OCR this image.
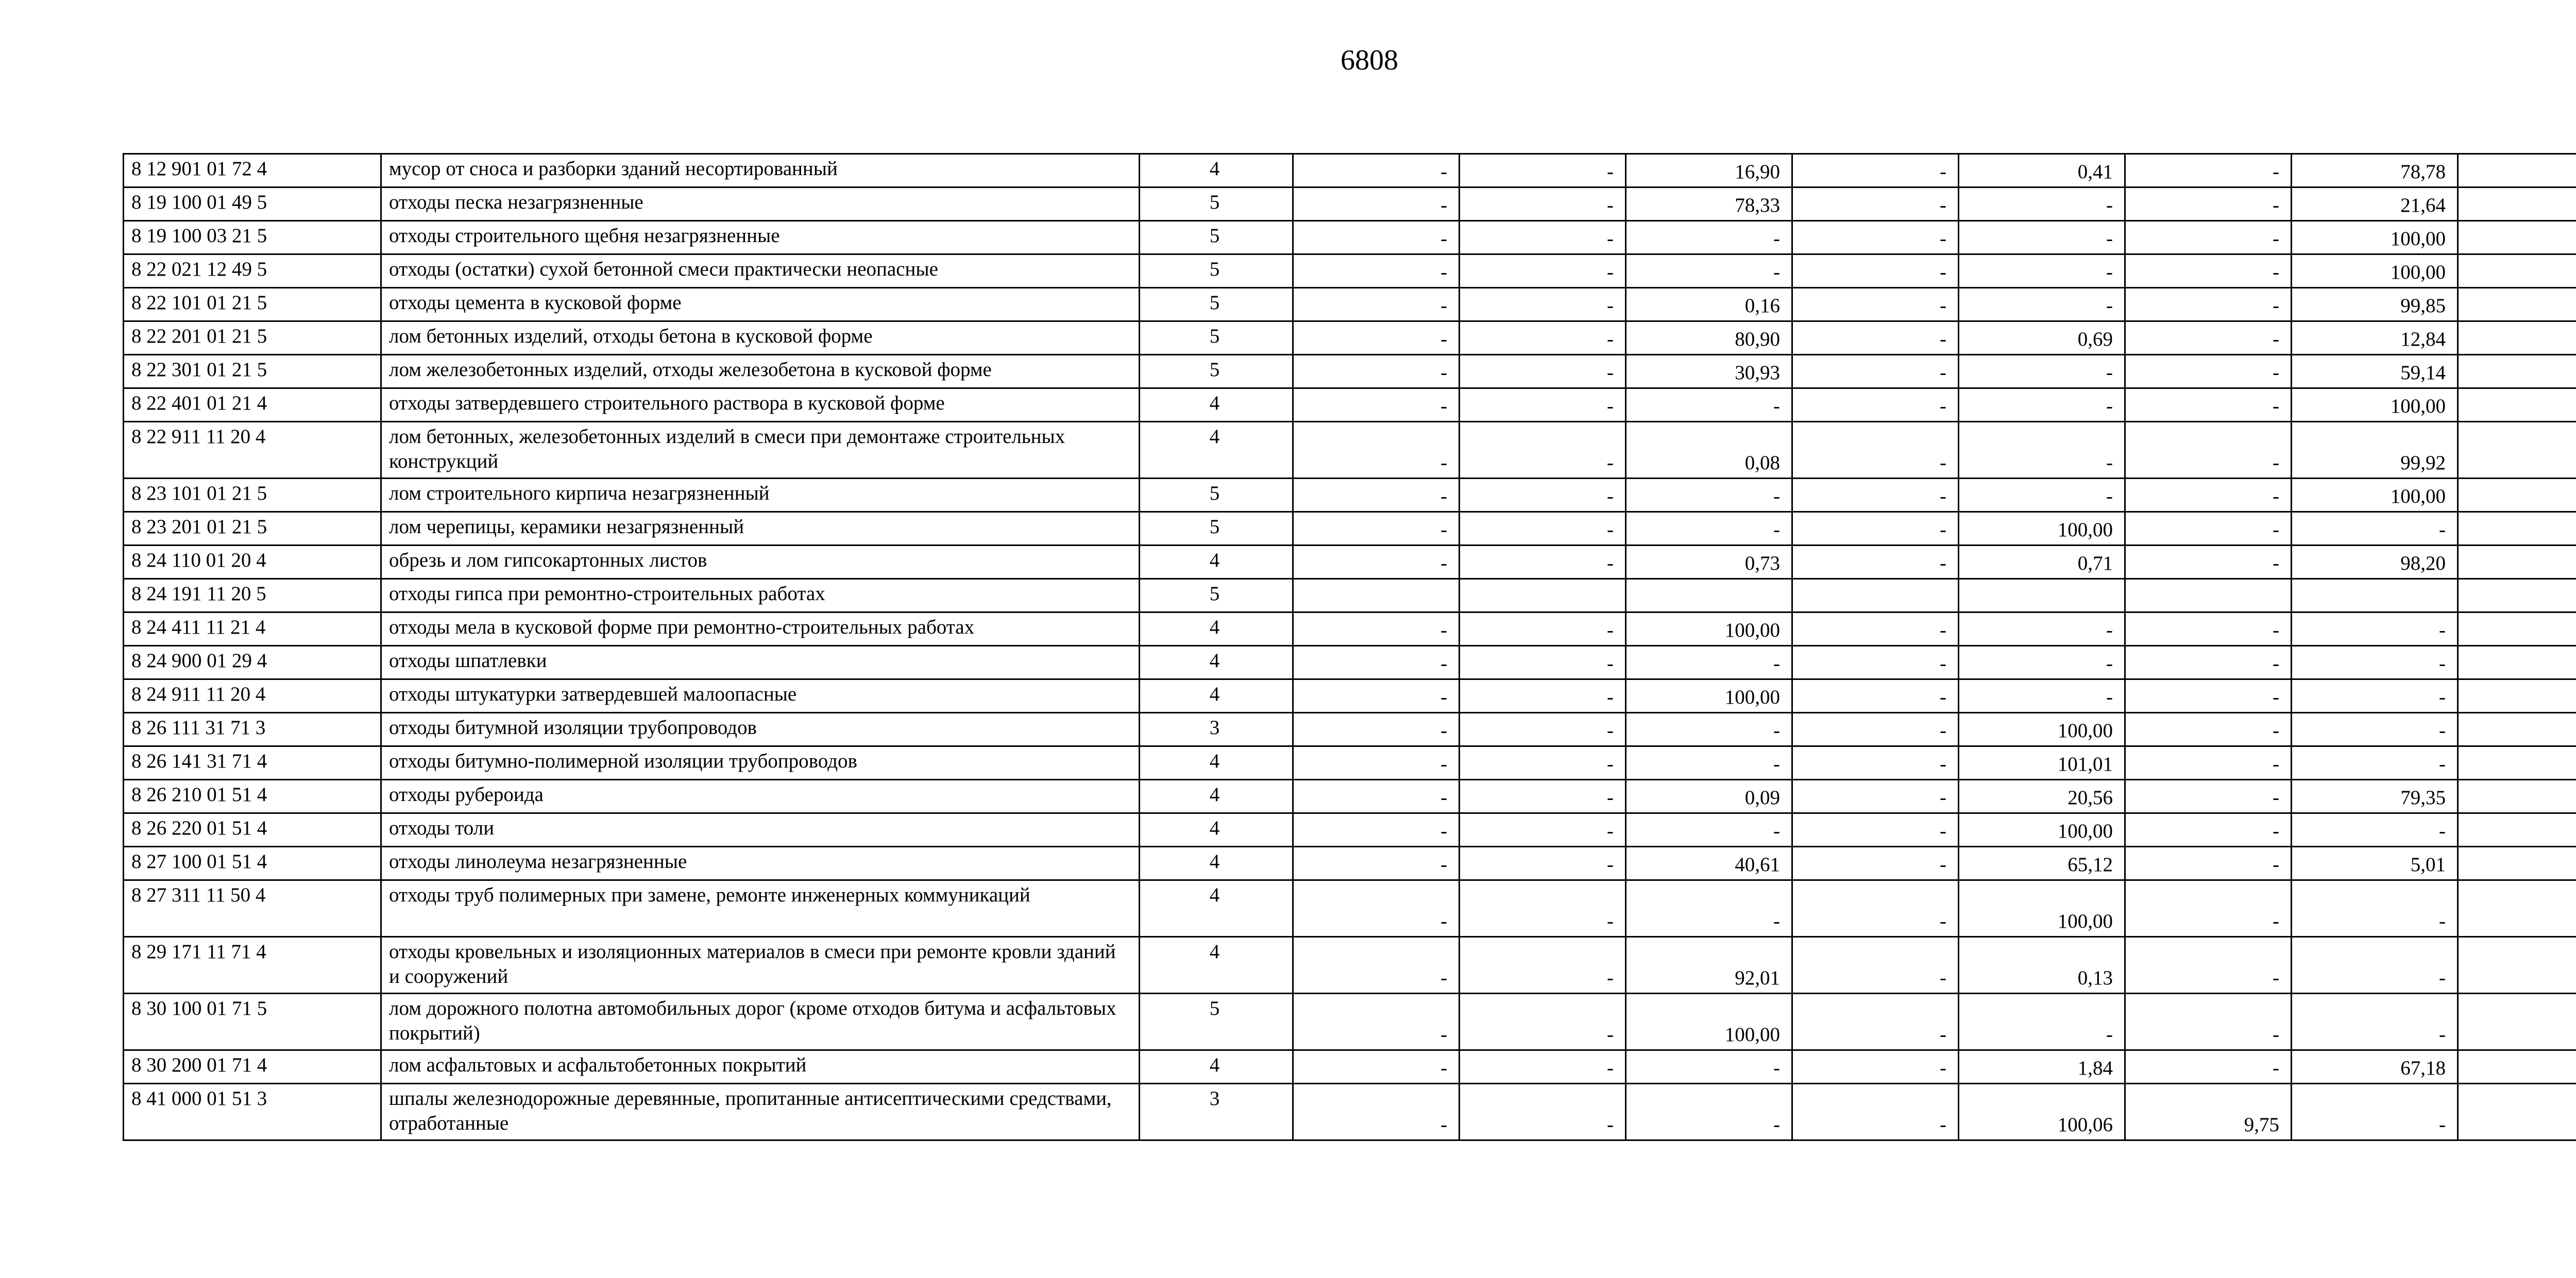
6808
8 12 901 01 72 4	мусор от сноса и разборки зданий несортированный	4	-	-	16,90	-	0,41	-	78,78	
8 19 100 01 49 5	отходы песка незагрязненные	5	-	-	78,33	-	-	-	21,64	
8 19 100 03 21 5	отходы строительного щебня незагрязненные	5	-	-	-	-	-	-	100,00	
8 22 021 12 49 5	отходы (остатки) сухой бетонной смеси практически неопасные	5	-	-	-	-	-	-	100,00	
8 22 101 01 21 5	отходы цемента в кусковой форме	5	-	-	0,16	-	-	-	99,85	
8 22 201 01 21 5	лом бетонных изделий, отходы бетона в кусковой форме	5	-	-	80,90	-	0,69	-	12,84	
8 22 301 01 21 5	лом железобетонных изделий, отходы железобетона в кусковой форме	5	-	-	30,93	-	-	-	59,14	
8 22 401 01 21 4	отходы затвердевшего строительного раствора в кусковой форме	4	-	-	-	-	-	-	100,00	
8 22 911 11 20 4	лом бетонных, железобетонных изделий в смеси при демонтаже строительных конструкций	4	-	-	0,08	-	-	-	99,92	
8 23 101 01 21 5	лом строительного кирпича незагрязненный	5	-	-	-	-	-	-	100,00	
8 23 201 01 21 5	лом черепицы, керамики незагрязненный	5	-	-	-	-	100,00	-	-	
8 24 110 01 20 4	обрезь и лом гипсокартонных листов	4	-	-	0,73	-	0,71	-	98,20	
8 24 191 11 20 5	отходы гипса при ремонтно-строительных работах	5								
8 24 411 11 21 4	отходы мела в кусковой форме при ремонтно-строительных работах	4	-	-	100,00	-	-	-	-	
8 24 900 01 29 4	отходы шпатлевки	4	-	-	-	-	-	-	-	
8 24 911 11 20 4	отходы штукатурки затвердевшей малоопасные	4	-	-	100,00	-	-	-	-	
8 26 111 31 71 3	отходы битумной изоляции трубопроводов	3	-	-	-	-	100,00	-	-	
8 26 141 31 71 4	отходы битумно-полимерной изоляции трубопроводов	4	-	-	-	-	101,01	-	-	
8 26 210 01 51 4	отходы рубероида	4	-	-	0,09	-	20,56	-	79,35	
8 26 220 01 51 4	отходы толи	4	-	-	-	-	100,00	-	-	
8 27 100 01 51 4	отходы линолеума незагрязненные	4	-	-	40,61	-	65,12	-	5,01	
8 27 311 11 50 4	отходы труб полимерных при замене, ремонте инженерных коммуникаций	4	-	-	-	-	100,00	-	-	
8 29 171 11 71 4	отходы кровельных и изоляционных материалов в смеси при ремонте кровли зданий и сооружений	4	-	-	92,01	-	0,13	-	-	
8 30 100 01 71 5	лом дорожного полотна автомобильных дорог (кроме отходов битума и асфальтовых покрытий)	5	-	-	100,00	-	-	-	-	
8 30 200 01 71 4	лом асфальтовых и асфальтобетонных покрытий	4	-	-	-	-	1,84	-	67,18	
8 41 000 01 51 3	шпалы железнодорожные деревянные, пропитанные антисептическими средствами, отработанные	3	-	-	-	-	100,06	9,75	-	
